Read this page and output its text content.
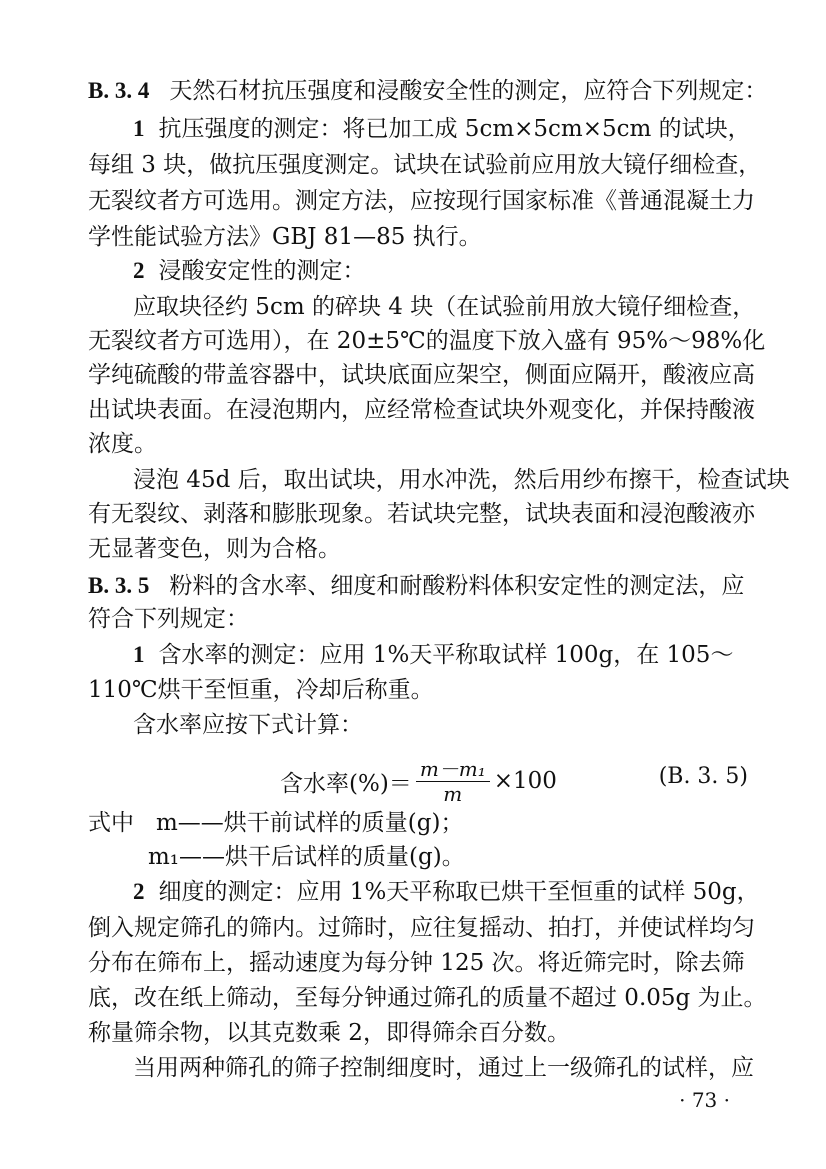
B. 3. 4 天然石材抗压强度和浸酸安全性的测定，应符合下列规定：
1 抗压强度的测定：将已加工成 5cm×5cm×5cm 的试块，
每组 3 块，做抗压强度测定。试块在试验前应用放大镜仔细检查，
无裂纹者方可选用。测定方法，应按现行国家标准《普通混凝土力
学性能试验方法》GBJ 81—85 执行。
2 浸酸安定性的测定：
应取块径约 5cm 的碎块 4 块（在试验前用放大镜仔细检查，
无裂纹者方可选用），在 20±5℃的温度下放入盛有 95%～98%化
学纯硫酸的带盖容器中，试块底面应架空，侧面应隔开，酸液应高
出试块表面。在浸泡期内，应经常检查试块外观变化，并保持酸液
浓度。
浸泡 45d 后，取出试块，用水冲洗，然后用纱布擦干，检查试块
有无裂纹、剥落和膨胀现象。若试块完整，试块表面和浸泡酸液亦
无显著变色，则为合格。
B. 3. 5 粉料的含水率、细度和耐酸粉料体积安定性的测定法，应
符合下列规定：
1 含水率的测定：应用 1%天平称取试样 100g，在 105～
110℃烘干至恒重，冷却后称重。
含水率应按下式计算：
含水率(%)＝ $\frac{\text{m－m₁}}{m} \times 100$	(B. 3. 5)
式中 m——烘干前试样的质量(g)；
m₁——烘干后试样的质量(g)。
2 细度的测定：应用 1%天平称取已烘干至恒重的试样 50g，
倒入规定筛孔的筛内。过筛时，应往复摇动、拍打，并使试样均匀
分布在筛布上，摇动速度为每分钟 125 次。将近筛完时，除去筛
底，改在纸上筛动，至每分钟通过筛孔的质量不超过 0.05g 为止。
称量筛余物，以其克数乘 2，即得筛余百分数。
当用两种筛孔的筛子控制细度时，通过上一级筛孔的试样，应
· 73 ·
